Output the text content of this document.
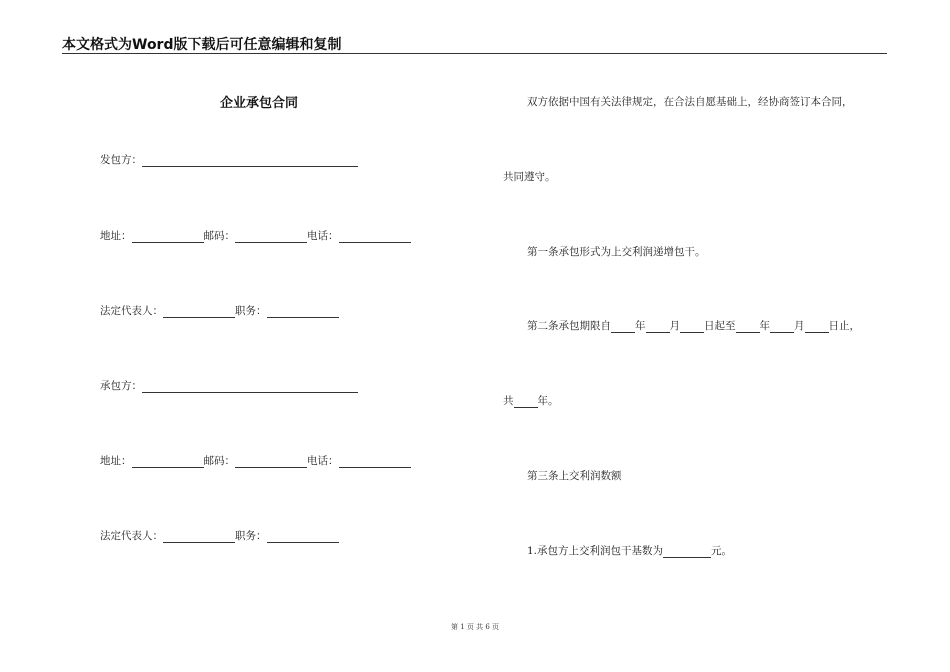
本文格式为Word版下载后可任意编辑和复制
企业承包合同
发包方：
地址：	邮码：	电话：
法定代表人：	职务：
承包方：
地址：	邮码：	电话：
法定代表人：	职务：
双方依据中国有关法律规定，在合法自愿基础上，经协商签订本合同，
共同遵守。
第一条承包形式为上交利润递增包干。
第二条承包期限自 年 月 日起至 年 月 日止，
共 年。
第三条上交利润数额
1.承包方上交利润包干基数为	元。
第 1 页 共 6 页
